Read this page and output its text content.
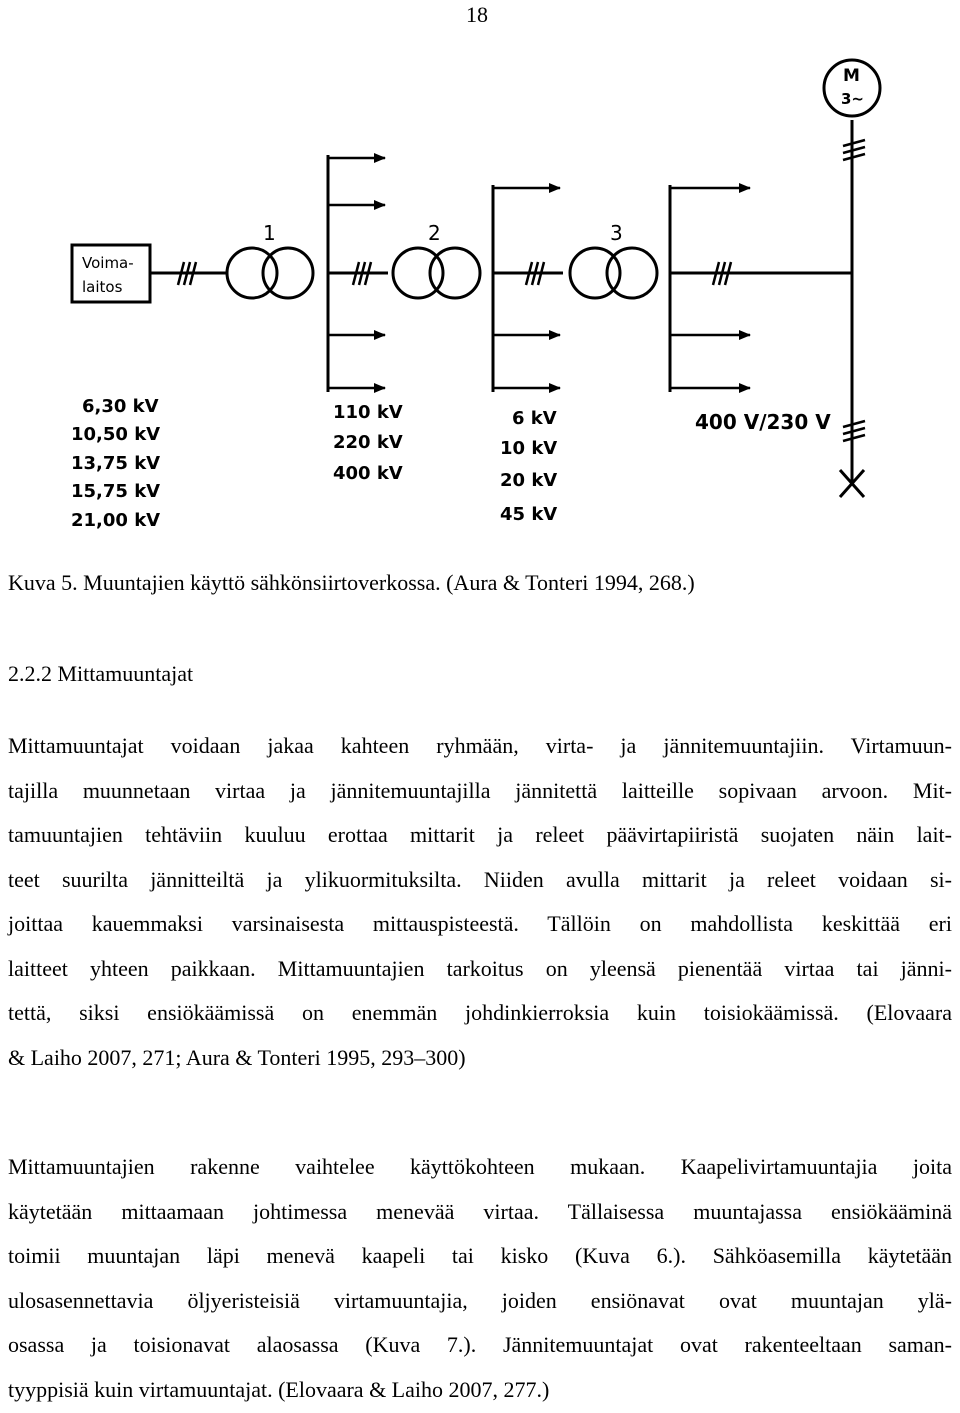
18
Voima-
laitos
1	2	3
M
3~
6,30 kV
10,50 kV
13,75 kV
15,75 kV
21,00 kV
110 kV
220 kV
400 kV
6 kV
10 kV
20 kV
45 kV
400 V/230 V
Kuva 5. Muuntajien käyttö sähkönsiirtoverkossa. (Aura & Tonteri 1994, 268.)
2.2.2 Mittamuuntajat
Mittamuuntajat voidaan jakaa kahteen ryhmään, virta- ja jännitemuuntajiin. Virtamuun-
tajilla muunnetaan virtaa ja jännitemuuntajilla jännitettä laitteille sopivaan arvoon. Mit-
tamuuntajien tehtäviin kuuluu erottaa mittarit ja releet päävirtapiiristä suojaten näin lait-
teet suurilta jännitteiltä ja ylikuormituksilta. Niiden avulla mittarit ja releet voidaan si-
joittaa kauemmaksi varsinaisesta mittauspisteestä. Tällöin on mahdollista keskittää eri
laitteet yhteen paikkaan. Mittamuuntajien tarkoitus on yleensä pienentää virtaa tai jänni-
tettä, siksi ensiökäämissä on enemmän johdinkierroksia kuin toisiokäämissä. (Elovaara
& Laiho 2007, 271; Aura & Tonteri 1995, 293–300)
Mittamuuntajien rakenne vaihtelee käyttökohteen mukaan. Kaapelivirtamuuntajia joita
käytetään mittaamaan johtimessa menevää virtaa. Tällaisessa muuntajassa ensiökääminä
toimii muuntajan läpi menevä kaapeli tai kisko (Kuva 6.). Sähköasemilla käytetään
ulosasennettavia öljyeristeisiä virtamuuntajia, joiden ensiönavat ovat muuntajan ylä-
osassa ja toisionavat alaosassa (Kuva 7.). Jännitemuuntajat ovat rakenteeltaan saman-
tyyppisiä kuin virtamuuntajat. (Elovaara & Laiho 2007, 277.)
